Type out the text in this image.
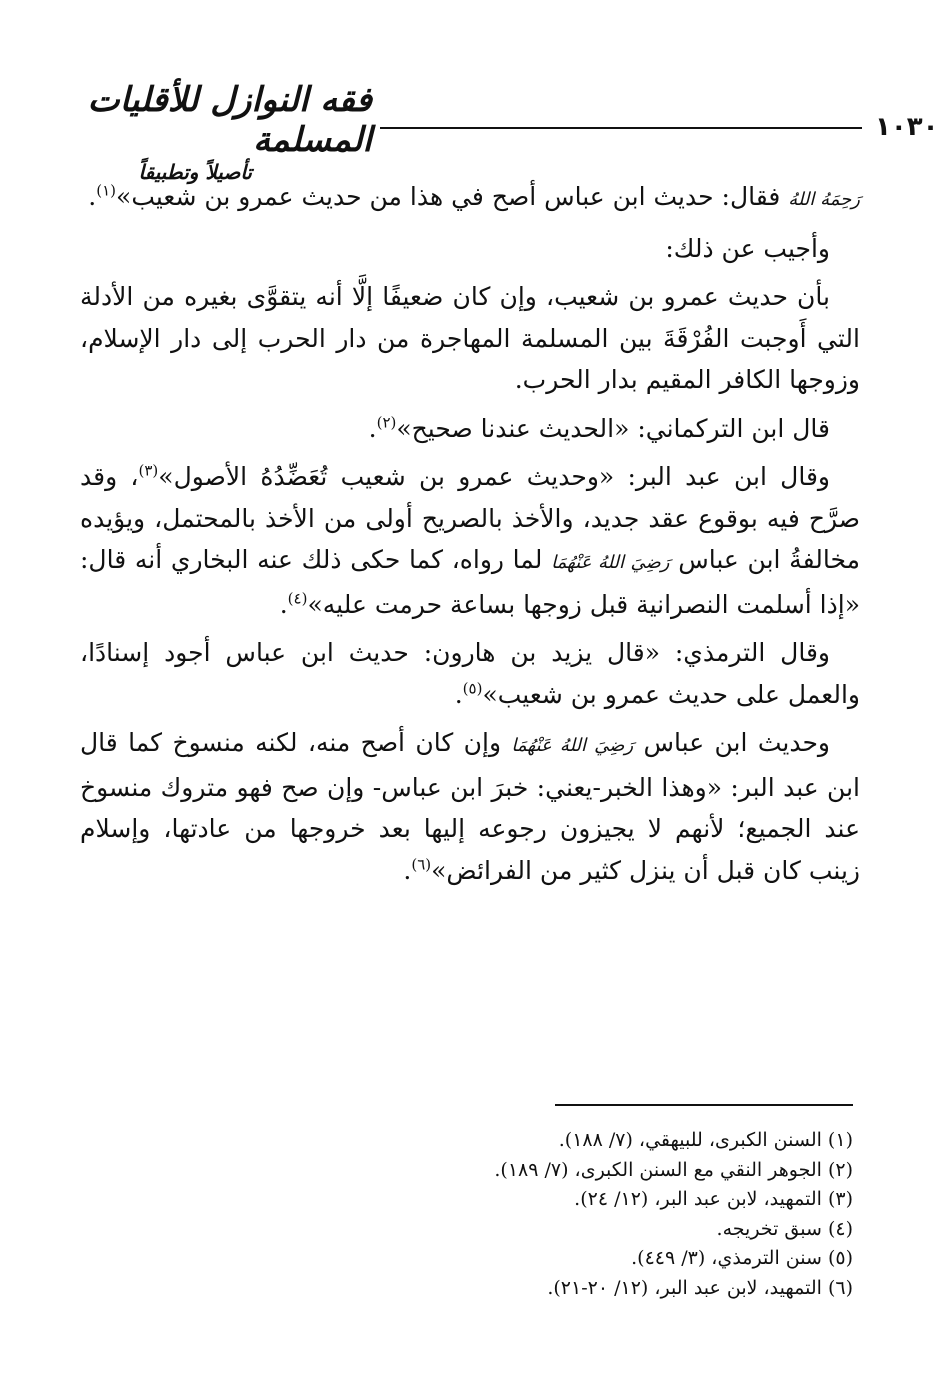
فقه النوازل للأقليات المسلمة
تأصيلاً وتطبيقاً
١٠٣٠

رَحِمَهُ اللهُ فقال: حديث ابن عباس أصح في هذا من حديث عمرو بن شعيب»$^{(١)}$.

وأجيب عن ذلك:

بأن حديث عمرو بن شعيب، وإن كان ضعيفًا إلَّا أنه يتقوَّى بغيره من الأدلة التي أَوجبت الفُرْقَةَ بين المسلمة المهاجرة من دار الحرب إلى دار الإسلام، وزوجها الكافر المقيم بدار الحرب.

قال ابن التركماني: «الحديث عندنا صحيح»$^{(٢)}$.

وقال ابن عبد البر: «وحديث عمرو بن شعيب تُعَضِّدُهُ الأصول»$^{(٣)}$، وقد صرَّح فيه بوقوع عقد جديد، والأخذ بالصريح أولى من الأخذ بالمحتمل، ويؤيده مخالفةُ ابن عباس رَضِيَ اللهُ عَنْهُمَا لما رواه، كما حكى ذلك عنه البخاري أنه قال: «إذا أسلمت النصرانية قبل زوجها بساعة حرمت عليه»$^{(٤)}$.

وقال الترمذي: «قال يزيد بن هارون: حديث ابن عباس أجود إسنادًا، والعمل على حديث عمرو بن شعيب»$^{(٥)}$.

وحديث ابن عباس رَضِيَ اللهُ عَنْهُمَا وإن كان أصح منه، لكنه منسوخ كما قال ابن عبد البر: «وهذا الخبر-يعني: خبرَ ابن عباس- وإن صح فهو متروك منسوخ عند الجميع؛ لأنهم لا يجيزون رجوعه إليها بعد خروجها من عادتها، وإسلام زينب كان قبل أن ينزل كثير من الفرائض»$^{(٦)}$.

(١) السنن الكبرى، للبيهقي، (٧/ ١٨٨).

(٢) الجوهر النقي مع السنن الكبرى، (٧/ ١٨٩).

(٣) التمهيد، لابن عبد البر، (١٢/ ٢٤).

(٤) سبق تخريجه.

(٥) سنن الترمذي، (٣/ ٤٤٩).

(٦) التمهيد، لابن عبد البر، (١٢/ ٢٠-٢١).
